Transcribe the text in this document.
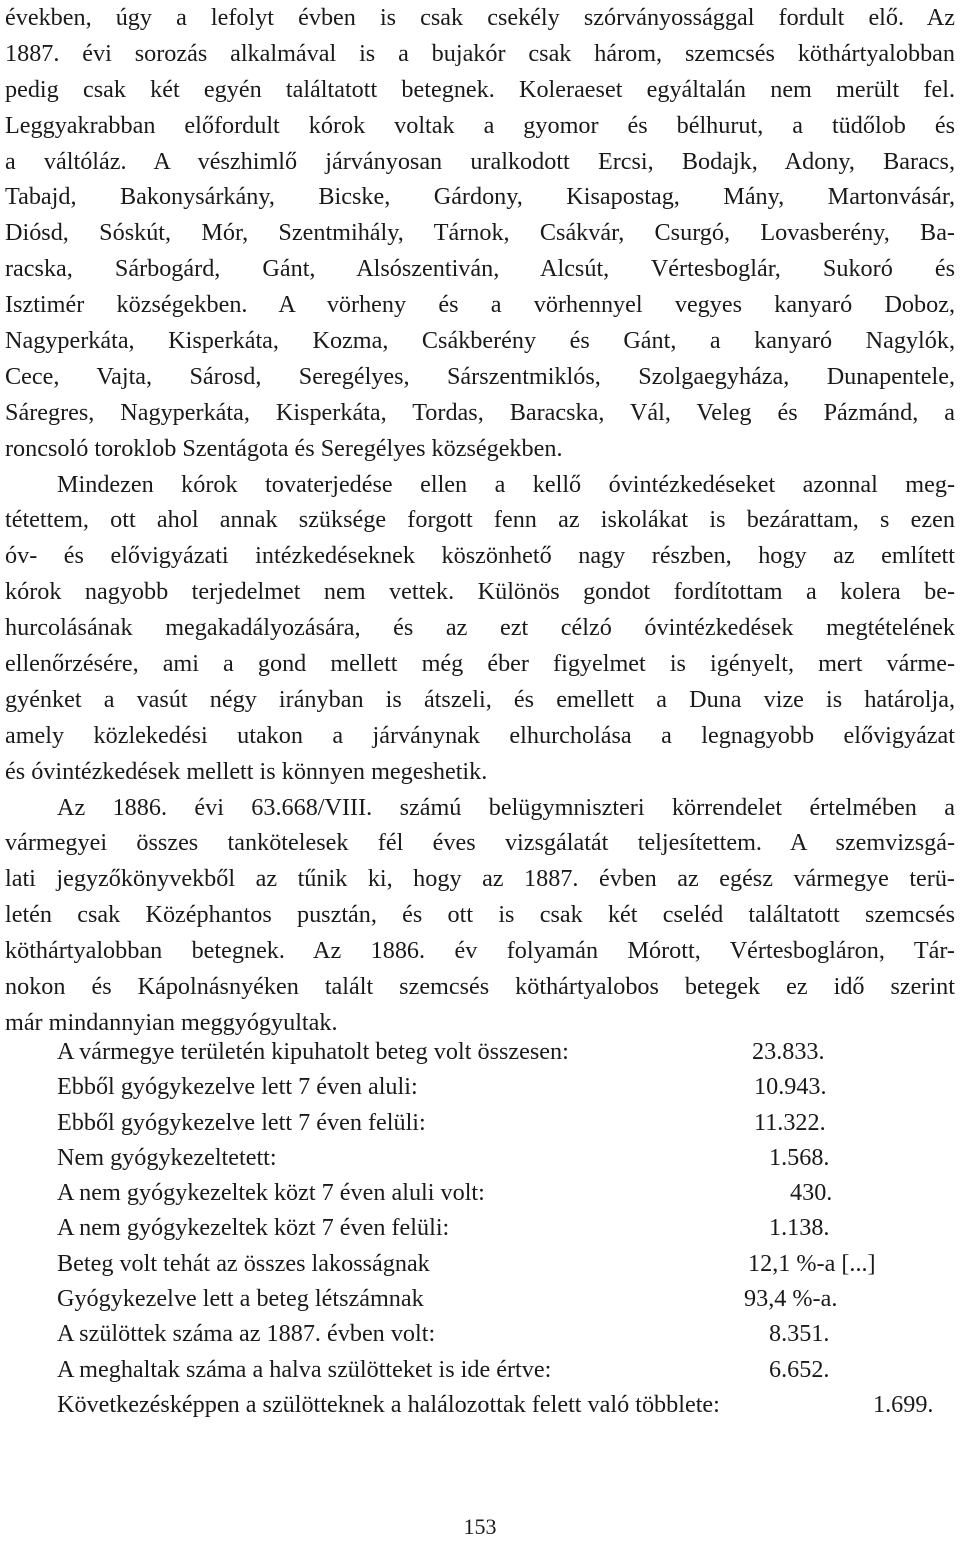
években, úgy a lefolyt évben is csak csekély szórványossággal fordult elő. Az
1887. évi sorozás alkalmával is a bujakór csak három, szemcsés köthártyalobban
pedig csak két egyén találtatott betegnek. Koleraeset egyáltalán nem merült fel.
Leggyakrabban előfordult kórok voltak a gyomor és bélhurut, a tüdőlob és
a váltóláz. A vészhimlő járványosan uralkodott Ercsi, Bodajk, Adony, Baracs,
Tabajd, Bakonysárkány, Bicske, Gárdony, Kisapostag, Mány, Martonvásár,
Diósd, Sóskút, Mór, Szentmihály, Tárnok, Csákvár, Csurgó, Lovasberény, Ba-
racska, Sárbogárd, Gánt, Alsószentiván, Alcsút, Vértesboglár, Sukoró és
Isztimér községekben. A vörheny és a vörhennyel vegyes kanyaró Doboz,
Nagyperkáta, Kisperkáta, Kozma, Csákberény és Gánt, a kanyaró Nagylók,
Cece, Vajta, Sárosd, Seregélyes, Sárszentmiklós, Szolgaegyháza, Dunapentele,
Sáregres, Nagyperkáta, Kisperkáta, Tordas, Baracska, Vál, Veleg és Pázmánd, a
roncsoló toroklob Szentágota és Seregélyes községekben.
Mindezen kórok tovaterjedése ellen a kellő óvintézkedéseket azonnal meg-
tétettem, ott ahol annak szüksége forgott fenn az iskolákat is bezárattam, s ezen
óv- és elővigyázati intézkedéseknek köszönhető nagy részben, hogy az említett
kórok nagyobb terjedelmet nem vettek. Különös gondot fordítottam a kolera be-
hurcolásának megakadályozására, és az ezt célzó óvintézkedések megtételének
ellenőrzésére, ami a gond mellett még éber figyelmet is igényelt, mert várme-
gyénket a vasút négy irányban is átszeli, és emellett a Duna vize is határolja,
amely közlekedési utakon a járványnak elhurcholása a legnagyobb elővigyázat
és óvintézkedések mellett is könnyen megeshetik.
Az 1886. évi 63.668/VIII. számú belügymniszteri körrendelet értelmében a
vármegyei összes tankötelesek fél éves vizsgálatát teljesítettem. A szemvizsgá-
lati jegyzőkönyvekből az tűnik ki, hogy az 1887. évben az egész vármegye terü-
letén csak Középhantos pusztán, és ott is csak két cseléd találtatott szemcsés
köthártyalobban betegnek. Az 1886. év folyamán Mórott, Vértesbogláron, Tár-
nokon és Kápolnásnyéken talált szemcsés köthártyalobos betegek ez idő szerint
már mindannyian meggyógyultak.
A vármegye területén kipuhatolt beteg volt összesen:	23.833.
Ebből gyógykezelve lett 7 éven aluli:	10.943.
Ebből gyógykezelve lett 7 éven felüli:	11.322.
Nem gyógykezeltetett:	1.568.
A nem gyógykezeltek közt 7 éven aluli volt:	430.
A nem gyógykezeltek közt 7 éven felüli:	1.138.
Beteg volt tehát az összes lakosságnak	12,1 %-a [...]
Gyógykezelve lett a beteg létszámnak	93,4 %-a.
A szülöttek száma az 1887. évben volt:	8.351.
A meghaltak száma a halva szülötteket is ide értve:	6.652.
Következésképpen a szülötteknek a halálozottak felett való többlete:	1.699.
153
